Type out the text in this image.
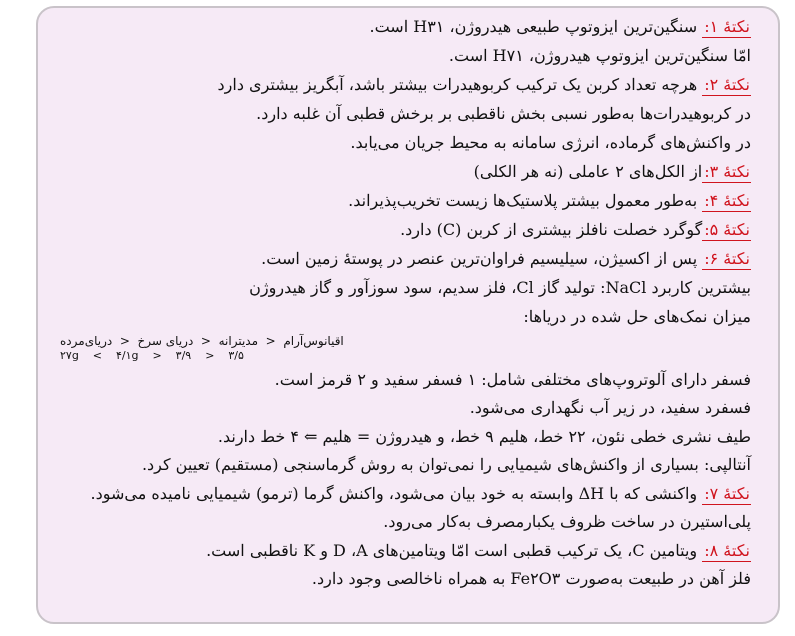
نکتهٔ ۱: سنگین‌ترین ایزوتوپ طبیعی هیدروژن، H۳۱ است.
امّا سنگین‌ترین ایزوتوپ هیدروژن، H۷۱ است.
نکتهٔ ۲: هرچه تعداد کربن یک ترکیب کربوهیدرات بیشتر باشد، آبگریز بیشتری دارد
در کربوهیدرات‌ها به‌طور نسبی بخش ناقطبی بر برخش قطبی آن غلبه دارد.
در واکنش‌های گرماده، انرژی سامانه به محیط جریان می‌یابد.
نکتهٔ ۳:از الکل‌های ۲ عاملی (نه هر الکلی)
نکتهٔ ۴: به‌طور معمول بیشتر پلاستیک‌ها زیست تخریب‌پذیراند.
نکتهٔ ۵:گوگرد خصلت نافلز بیشتری از کربن (C) دارد.
نکتهٔ ۶: پس از اکسیژن، سیلیسیم فراوان‌ترین عنصر در پوستهٔ زمین است.
بیشترین کاربرد NaCl: تولید گاز Cl، فلز سدیم، سود سوزآور و گاز هیدروژن
میزان نمک‌های حل شده در دریاها:
اقیانوس‌آرام  <  مدیترانه  <  دریای سرخ  <  دریای‌مرده
۲۷g    <    ۴/۱g    >    ۳/۹    >    ۳/۵
فسفر دارای آلوتروپ‌های مختلفی شامل: ۱ فسفر سفید و ۲ قرمز است.
فسفرد سفید، در زیر آب نگهداری می‌شود.
طیف نشری خطی نئون، ۲۲ خط، هلیم ۹ خط، و هیدروژن = هلیم ⇐ ۴ خط دارند.
آنتالپی: بسیاری از واکنش‌های شیمیایی را نمی‌توان به روش گرماسنجی (مستقیم) تعیین کرد.
نکتهٔ ۷: واکنشی که با ΔH وابسته به خود بیان می‌شود، واکنش گرما (ترمو) شیمیایی نامیده می‌شود.
پلی‌استیرن در ساخت ظروف یکبارمصرف به‌کار می‌رود.
نکتهٔ ۸: ویتامین C، یک ترکیب قطبی است امّا ویتامین‌های D ،A و K ناقطبی است.
فلز آهن در طبیعت به‌صورت Fe۲O۳ به همراه ناخالصی وجود دارد.
